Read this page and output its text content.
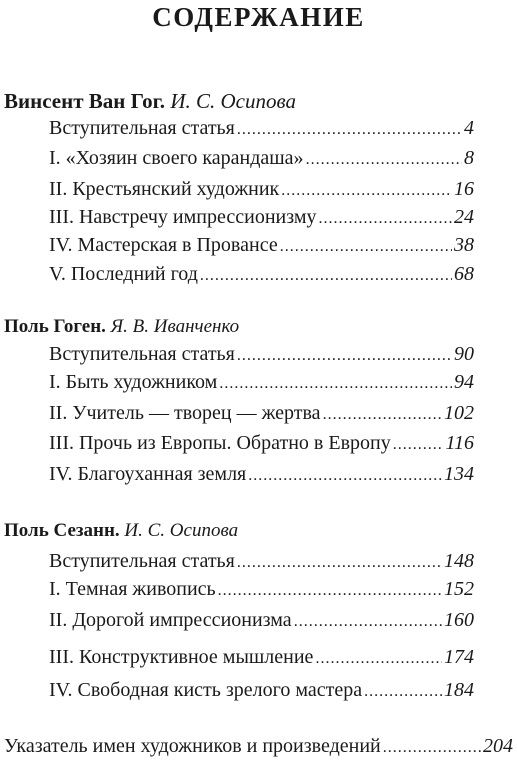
СОДЕРЖАНИЕ
Винсент Ван Гог. И. С. Осипова
Вступительная статья .....	4
I. «Хозяин своего карандаша» .....	8
II. Крестьянский художник .....	16
III. Навстречу импрессионизму .....	24
IV. Мастерская в Провансе .....	38
V. Последний год .....	68
Поль Гоген. Я. В. Иванченко
Вступительная статья .....	90
I. Быть художником .....	94
II. Учитель — творец — жертва .....	102
III. Прочь из Европы. Обратно в Европу .....	116
IV. Благоуханная земля .....	134
Поль Сезанн. И. С. Осипова
Вступительная статья .....	148
I. Темная живопись .....	152
II. Дорогой импрессионизма .....	160
III. Конструктивное мышление .....	174
IV. Свободная кисть зрелого мастера .....	184
Указатель имен художников и произведений .....	204
